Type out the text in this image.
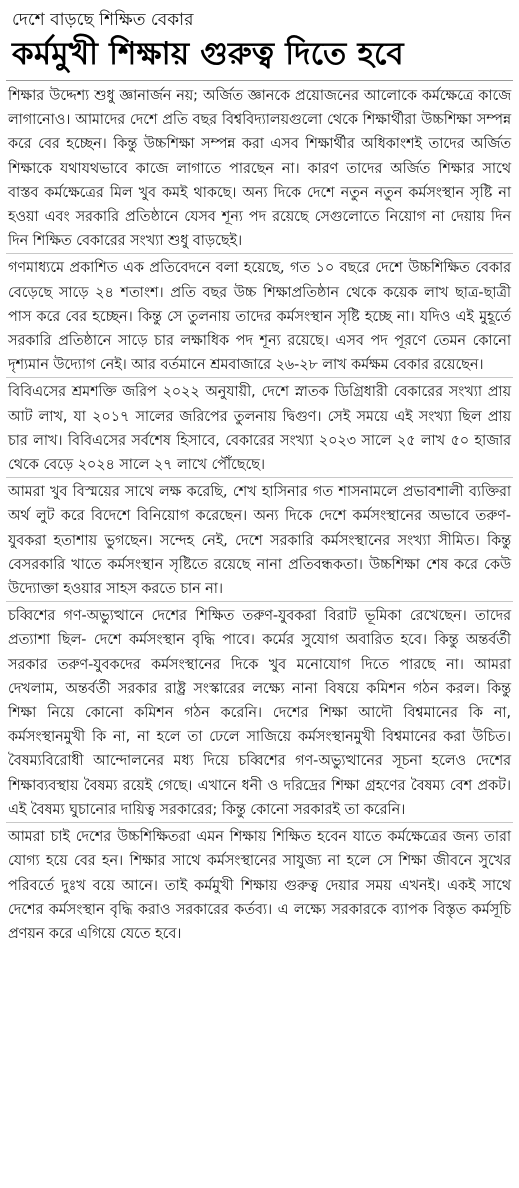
দেশে বাড়ছে শিক্ষিত বেকার
কর্মমুখী শিক্ষায় গুরুত্ব দিতে হবে

শিক্ষার উদ্দেশ্য শুধু জ্ঞানার্জন নয়; অর্জিত জ্ঞানকে প্রয়োজনের আলোকে কর্মক্ষেত্রে কাজে লাগানোও। আমাদের দেশে প্রতি বছর বিশ্ববিদ্যালয়গুলো থেকে শিক্ষার্থীরা উচ্চশিক্ষা সম্পন্ন করে বের হচ্ছেন। কিন্তু উচ্চশিক্ষা সম্পন্ন করা এসব শিক্ষার্থীর অধিকাংশই তাদের অর্জিত শিক্ষাকে যথাযথভাবে কাজে লাগাতে পারছেন না। কারণ তাদের অর্জিত শিক্ষার সাথে বাস্তব কর্মক্ষেত্রের মিল খুব কমই থাকছে। অন্য দিকে দেশে নতুন নতুন কর্মসংস্থান সৃষ্টি না হওয়া এবং সরকারি প্রতিষ্ঠানে যেসব শূন্য পদ রয়েছে সেগুলোতে নিয়োগ না দেয়ায় দিন দিন শিক্ষিত বেকারের সংখ্যা শুধু বাড়ছেই।

গণমাধ্যমে প্রকাশিত এক প্রতিবেদনে বলা হয়েছে, গত ১০ বছরে দেশে উচ্চশিক্ষিত বেকার বেড়েছে সাড়ে ২৪ শতাংশ। প্রতি বছর উচ্চ শিক্ষাপ্রতিষ্ঠান থেকে কয়েক লাখ ছাত্র-ছাত্রী পাস করে বের হচ্ছেন। কিন্তু সে তুলনায় তাদের কর্মসংস্থান সৃষ্টি হচ্ছে না। যদিও এই মুহূর্তে সরকারি প্রতিষ্ঠানে সাড়ে চার লক্ষাধিক পদ শূন্য রয়েছে। এসব পদ পূরণে তেমন কোনো দৃশ্যমান উদ্যোগ নেই। আর বর্তমানে শ্রমবাজারে ২৬-২৮ লাখ কর্মক্ষম বেকার রয়েছেন।

বিবিএসের শ্রমশক্তি জরিপ ২০২২ অনুযায়ী, দেশে স্নাতক ডিগ্রিধারী বেকারের সংখ্যা প্রায় আট লাখ, যা ২০১৭ সালের জরিপের তুলনায় দ্বিগুণ। সেই সময়ে এই সংখ্যা ছিল প্রায় চার লাখ। বিবিএসের সর্বশেষ হিসাবে, বেকারের সংখ্যা ২০২৩ সালে ২৫ লাখ ৫০ হাজার থেকে বেড়ে ২০২৪ সালে ২৭ লাখে পৌঁছেছে।

আমরা খুব বিস্ময়ের সাথে লক্ষ করেছি, শেখ হাসিনার গত শাসনামলে প্রভাবশালী ব্যক্তিরা অর্থ লুট করে বিদেশে বিনিয়োগ করেছেন। অন্য দিকে দেশে কর্মসংস্থানের অভাবে তরুণ-যুবকরা হতাশায় ভুগছেন। সন্দেহ নেই, দেশে সরকারি কর্মসংস্থানের সংখ্যা সীমিত। কিন্তু বেসরকারি খাতে কর্মসংস্থান সৃষ্টিতে রয়েছে নানা প্রতিবন্ধকতা। উচ্চশিক্ষা শেষ করে কেউ উদ্যোক্তা হওয়ার সাহস করতে চান না।

চব্বিশের গণ-অভ্যুত্থানে দেশের শিক্ষিত তরুণ-যুবকরা বিরাট ভূমিকা রেখেছেন। তাদের প্রত্যাশা ছিল- দেশে কর্মসংস্থান বৃদ্ধি পাবে। কর্মের সুযোগ অবারিত হবে। কিন্তু অন্তর্বর্তী সরকার তরুণ-যুবকদের কর্মসংস্থানের দিকে খুব মনোযোগ দিতে পারছে না। আমরা দেখলাম, অন্তর্বর্তী সরকার রাষ্ট্র সংস্কারের লক্ষ্যে নানা বিষয়ে কমিশন গঠন করল। কিন্তু শিক্ষা নিয়ে কোনো কমিশন গঠন করেনি। দেশের শিক্ষা আদৌ বিশ্বমানের কি না, কর্মসংস্থানমুখী কি না, না হলে তা ঢেলে সাজিয়ে কর্মসংস্থানমুখী বিশ্বমানের করা উচিত। বৈষম্যবিরোধী আন্দোলনের মধ্য দিয়ে চব্বিশের গণ-অভ্যুত্থানের সূচনা হলেও দেশের শিক্ষাব্যবস্থায় বৈষম্য রয়েই গেছে। এখানে ধনী ও দরিদ্রের শিক্ষা গ্রহণের বৈষম্য বেশ প্রকট। এই বৈষম্য ঘুচানোর দায়িত্ব সরকারের; কিন্তু কোনো সরকারই তা করেনি।

আমরা চাই দেশের উচ্চশিক্ষিতরা এমন শিক্ষায় শিক্ষিত হবেন যাতে কর্মক্ষেত্রের জন্য তারা যোগ্য হয়ে বের হন। শিক্ষার সাথে কর্মসংস্থানের সাযুজ্য না হলে সে শিক্ষা জীবনে সুখের পরিবর্তে দুঃখ বয়ে আনে। তাই কর্মমুখী শিক্ষায় গুরুত্ব দেয়ার সময় এখনই। একই সাথে দেশের কর্মসংস্থান বৃদ্ধি করাও সরকারের কর্তব্য। এ লক্ষ্যে সরকারকে ব্যাপক বিস্তৃত কর্মসূচি প্রণয়ন করে এগিয়ে যেতে হবে।
